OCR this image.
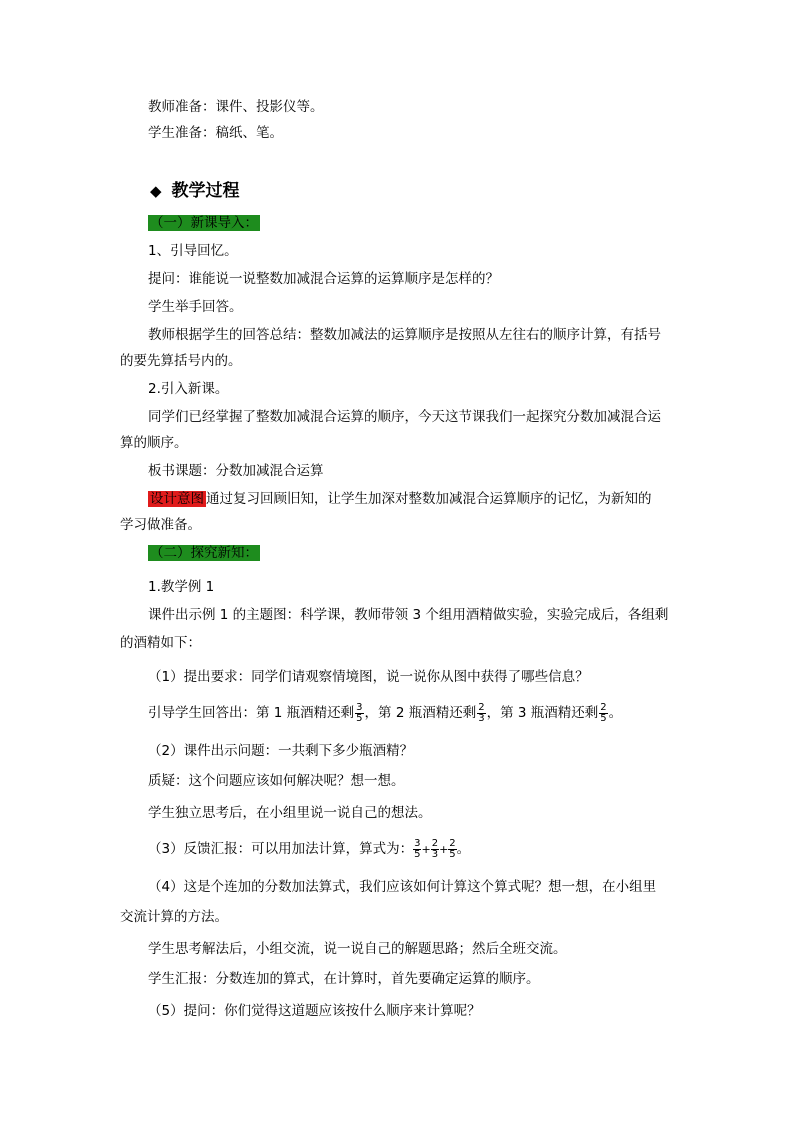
教师准备：课件、投影仪等。
学生准备：稿纸、笔。
◆ 教学过程
（一）新课导入：
1、引导回忆。
提问：谁能说一说整数加减混合运算的运算顺序是怎样的？
学生举手回答。
教师根据学生的回答总结：整数加减法的运算顺序是按照从左往右的顺序计算，有括号
的要先算括号内的。
2.引入新课。
同学们已经掌握了整数加减混合运算的顺序，今天这节课我们一起探究分数加减混合运
算的顺序。
板书课题：分数加减混合运算
设计意图 通过复习回顾旧知，让学生加深对整数加减混合运算顺序的记忆，为新知的
学习做准备。
（二）探究新知：
1.教学例 1
课件出示例 1 的主题图：科学课，教师带领 3 个组用酒精做实验，实验完成后，各组剩
的酒精如下：
（1）提出要求：同学们请观察情境图，说一说你从图中获得了哪些信息？
引导学生回答出：第 1 瓶酒精还剩 $\frac{3}{5}$ ，第 2 瓶酒精还剩 $\frac{2}{3}$ ，第 3 瓶酒精还剩 $\frac{2}{5}$ 。
（2）课件出示问题：一共剩下多少瓶酒精？
质疑：这个问题应该如何解决呢？想一想。
学生独立思考后，在小组里说一说自己的想法。
（3）反馈汇报：可以用加法计算，算式为： $\frac{3}{5} + \frac{2}{3} + \frac{2}{5}$ 。
（4）这是个连加的分数加法算式，我们应该如何计算这个算式呢？想一想，在小组里
交流计算的方法。
学生思考解法后，小组交流，说一说自己的解题思路；然后全班交流。
学生汇报：分数连加的算式，在计算时，首先要确定运算的顺序。
（5）提问：你们觉得这道题应该按什么顺序来计算呢？
